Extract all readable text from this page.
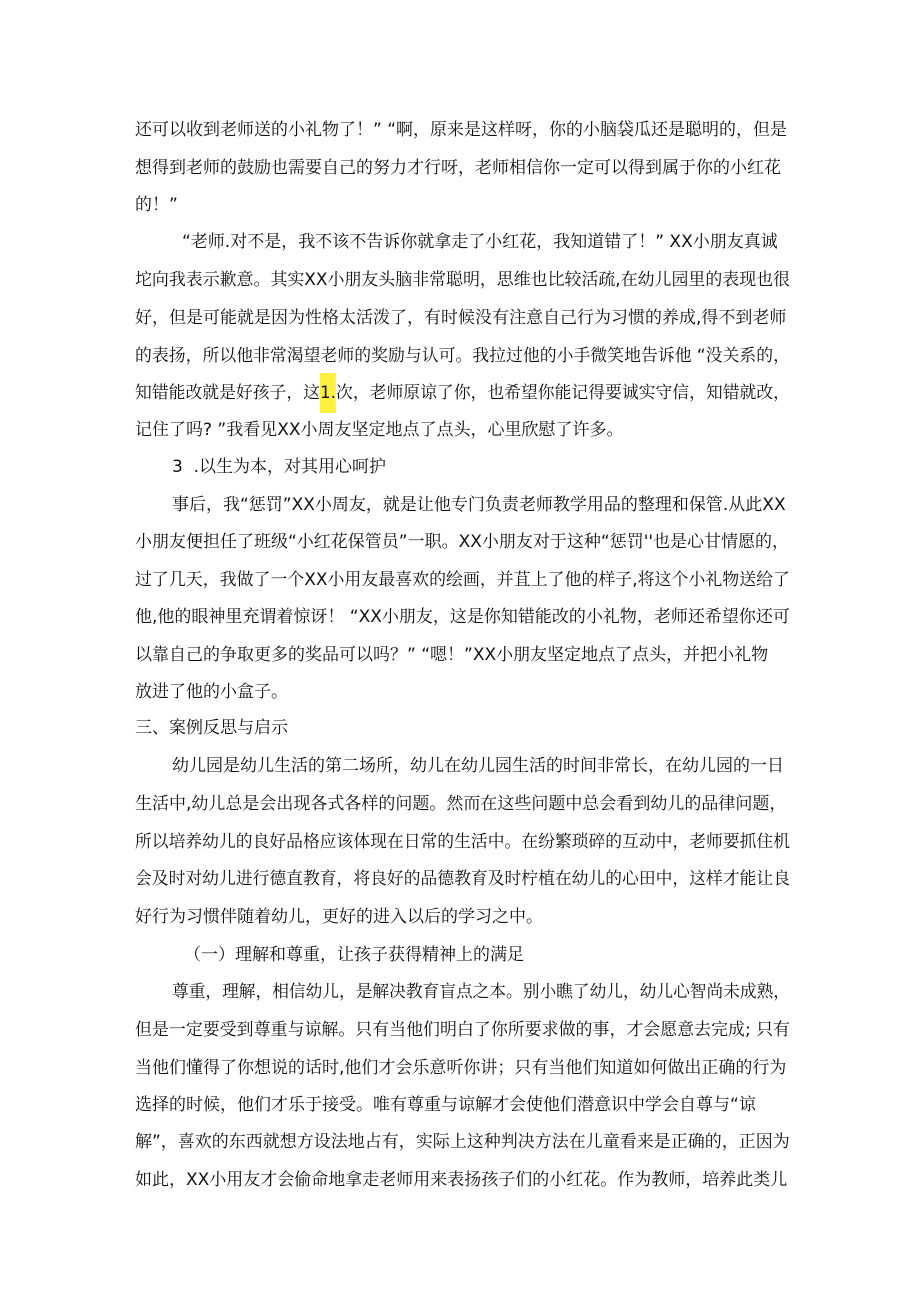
还可以收到老师送的小礼物了！” “啊，原来是这样呀，你的小脑袋瓜还是聪明的，但是
想得到老师的鼓励也需要自己的努力才行呀，老师相信你一定可以得到属于你的小红花
的！”
“老师.对不是，我不该不告诉你就拿走了小红花，我知道错了！” XX小朋友真诚
坨向我表示歉意。其实XX小朋友头脑非常聪明，思维也比较活疏,在幼儿园里的表现也很
好，但是可能就是因为性格太活泼了，有时候没有注意自己行为习惯的养成,得不到老师
的表扬，所以他非常渴望老师的奖励与认可。我拉过他的小手微笑地告诉他 “没关系的，
知错能改就是好孩子，这1.次，老师原谅了你，也希望你能记得要诚实守信，知错就改，
记住了吗? ”我看见XX小周友坚定地点了点头，心里欣慰了许多。
3  .以生为本，对其用心呵护
事后，我“惩罚”XX小周友，就是让他专门负责老师教学用品的整理和保管.从此XX
小朋友便担任了班级“小红花保管员”一职。XX小朋友对于这种“惩罚''也是心甘情愿的，
过了几天，我做了一个XX小用友最喜欢的绘画，并苴上了他的样子,将这个小礼物送给了
他,他的眼神里充谓着惊讶！ “XX小朋友，这是你知错能改的小礼物，老师还希望你还可
以靠自己的争取更多的奖品可以吗？” “嗯！”XX小朋友坚定地点了点头，并把小礼物
放进了他的小盒子。
三、案例反思与启示
幼儿园是幼儿生活的第二场所，幼儿在幼儿园生活的时间非常长，在幼儿园的一日
生活中,幼儿总是会出现各式各样的问题。然而在这些问题中总会看到幼儿的品律问题，
所以培养幼儿的良好品格应该体现在日常的生活中。在纷繁琐碎的互动中，老师要抓住机
会及时对幼儿进行德直教育，将良好的品德教育及时柠植在幼儿的心田中，这样才能让良
好行为习惯伴随着幼儿，更好的进入以后的学习之中。
（一）理解和尊重，让孩子获得精神上的满足
尊重，理解，相信幼儿，是解决教育盲点之本。别小瞧了幼儿，幼儿心智尚未成熟，
但是一定要受到尊重与谅解。只有当他们明白了你所要求做的事，才会愿意去完成; 只有
当他们懂得了你想说的话时,他们才会乐意听你讲；只有当他们知道如何做出正确的行为
选择的时候，他们才乐于接受。唯有尊重与谅解才会使他们潜意识中学会自尊与“谅
解”，喜欢的东西就想方设法地占有，实际上这种判决方法在儿童看来是正确的，正因为
如此，XX小用友才会偷命地拿走老师用来表扬孩子们的小红花。作为教师，培养此类儿
